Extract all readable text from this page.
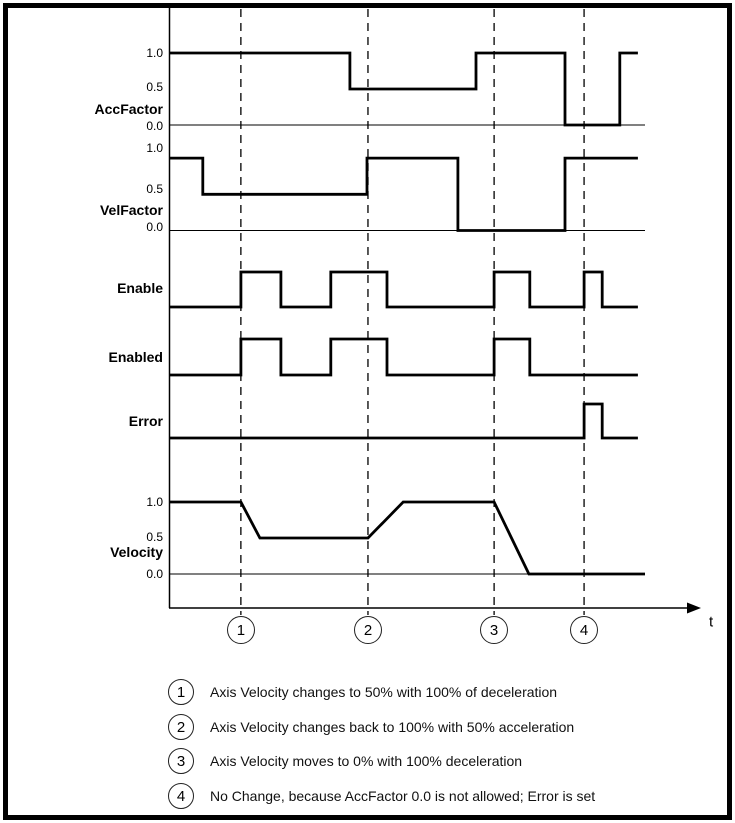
AccFactor
VelFactor
Enable
Enabled
Error
Velocity
1.0
0.5
0.0
1.0
0.5
0.0
1.0
0.5
0.0
t
1	2	3	4
1	Axis Velocity changes to 50% with 100% of deceleration
2	Axis Velocity changes back to 100% with 50% acceleration
3	Axis Velocity moves to 0% with 100% deceleration
4	No Change, because AccFactor 0.0 is not allowed; Error is set
